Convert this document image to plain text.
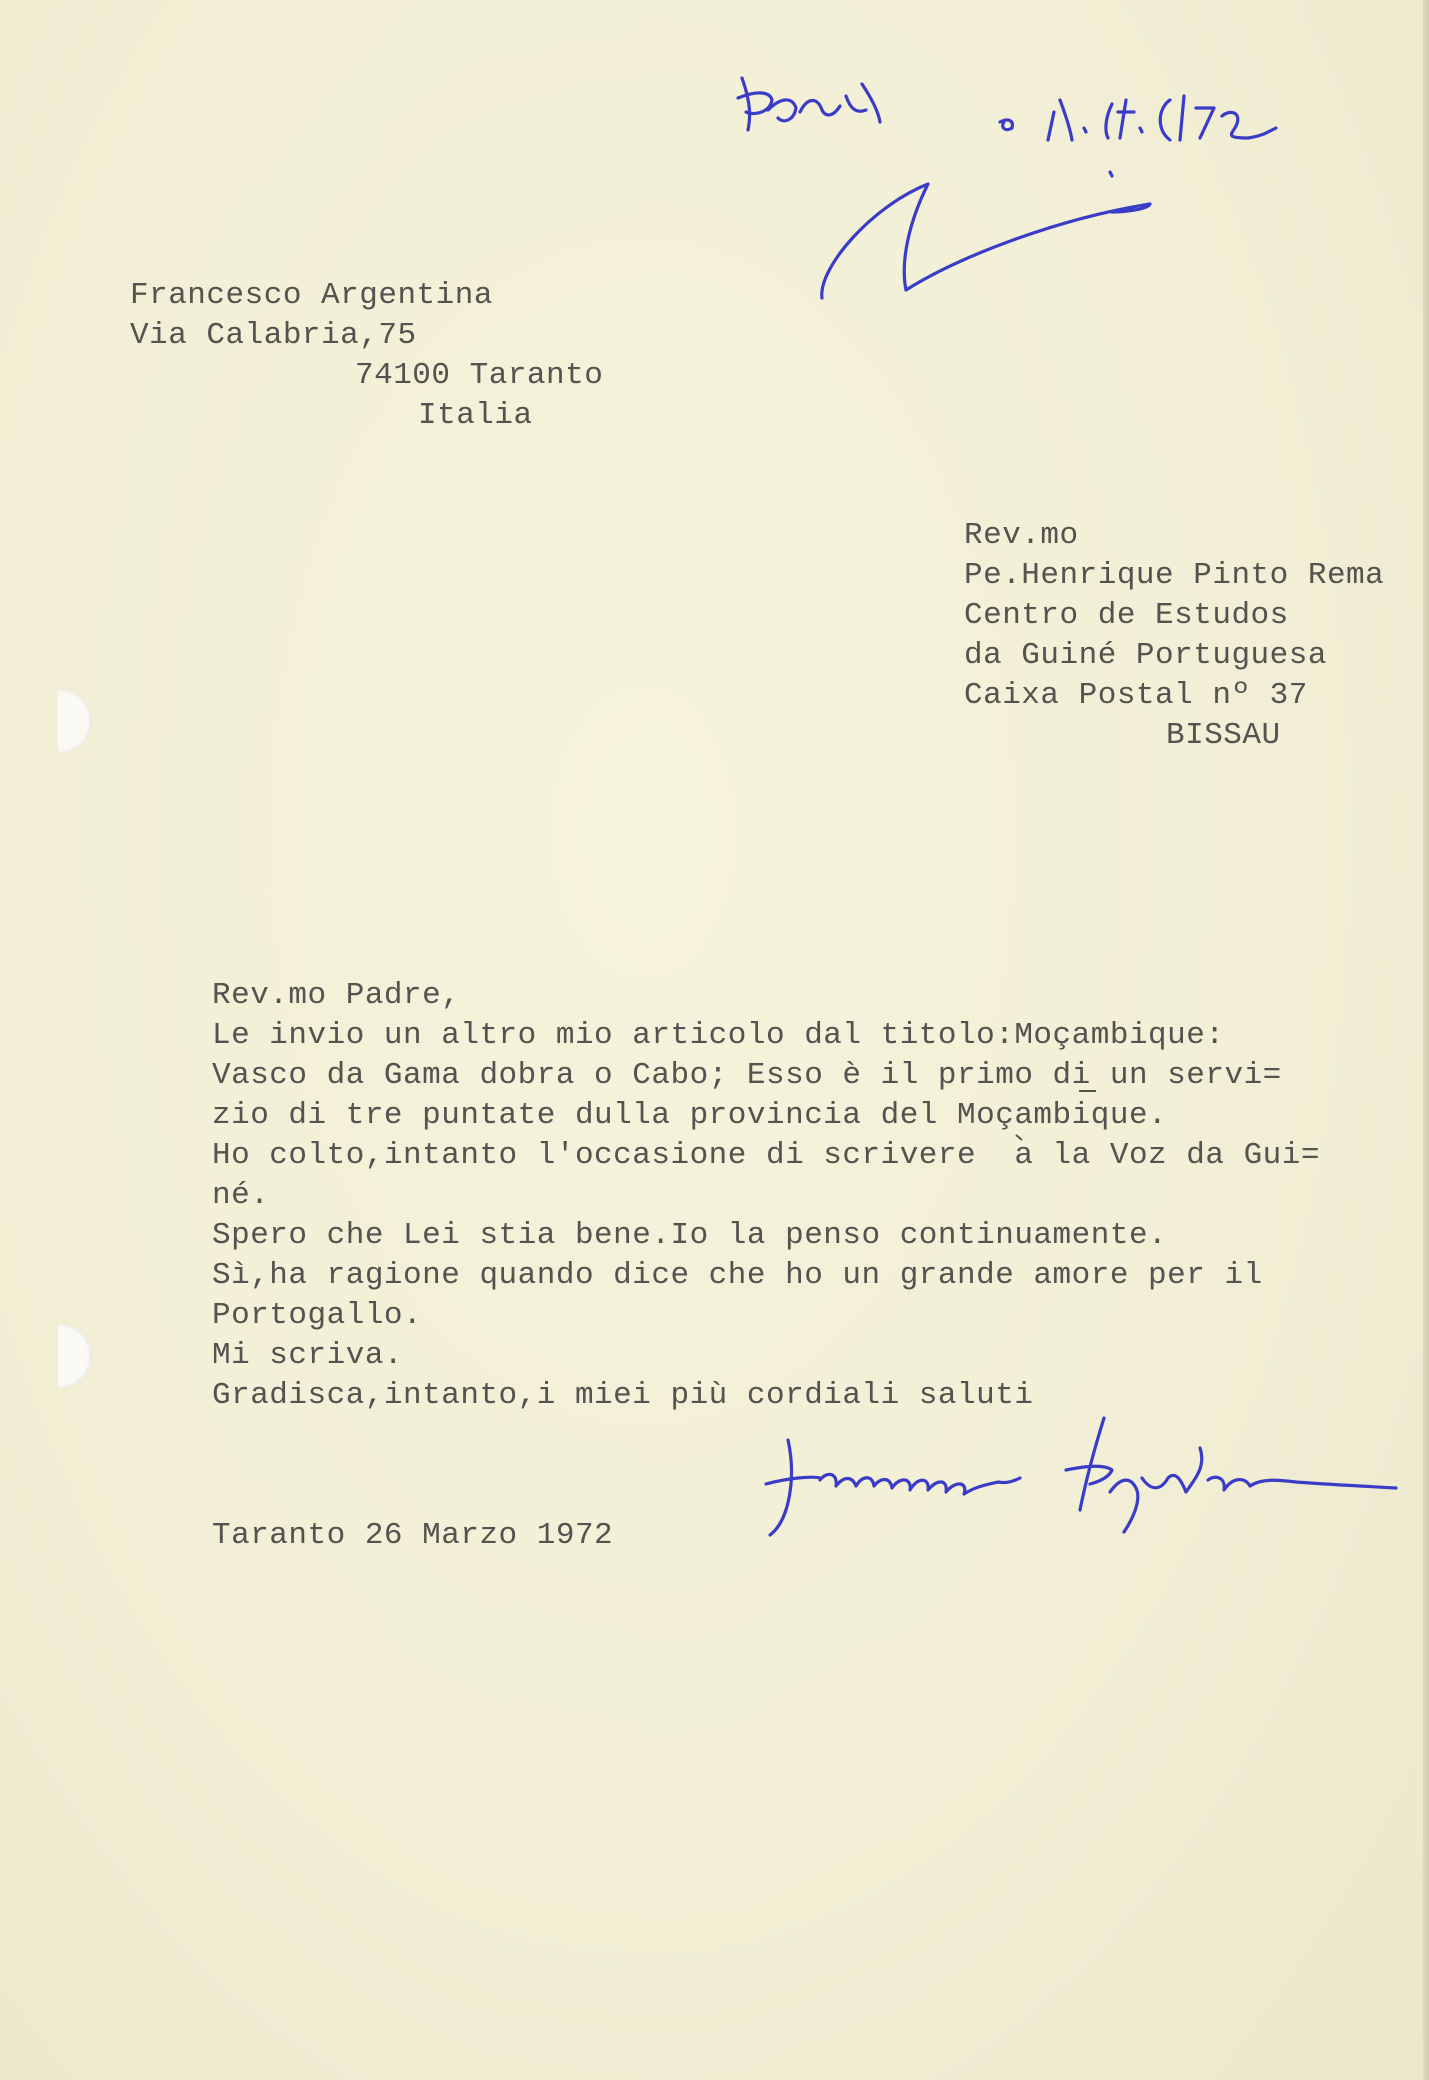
Francesco Argentina
Via Calabria,75
74100 Taranto
Italia
Rev.mo
Pe.Henrique Pinto Rema
Centro de Estudos
da Guiné Portuguesa
Caixa Postal nº 37
BISSAU
Rev.mo Padre,
Le invio un altro mio articolo dal titolo:Moçambique:
Vasco da Gama dobra o Cabo; Esso è il primo di un servi=
zio di tre puntate dulla provincia del Moçambique.
Ho colto,intanto l'occasione di scrivere  a la Voz da Gui=
né.
Spero che Lei stia bene.Io la penso continuamente.
Sì,ha ragione quando dice che ho un grande amore per il
Portogallo.
Mi scriva.
Gradisca,intanto,i miei più cordiali saluti
Taranto 26 Marzo 1972
